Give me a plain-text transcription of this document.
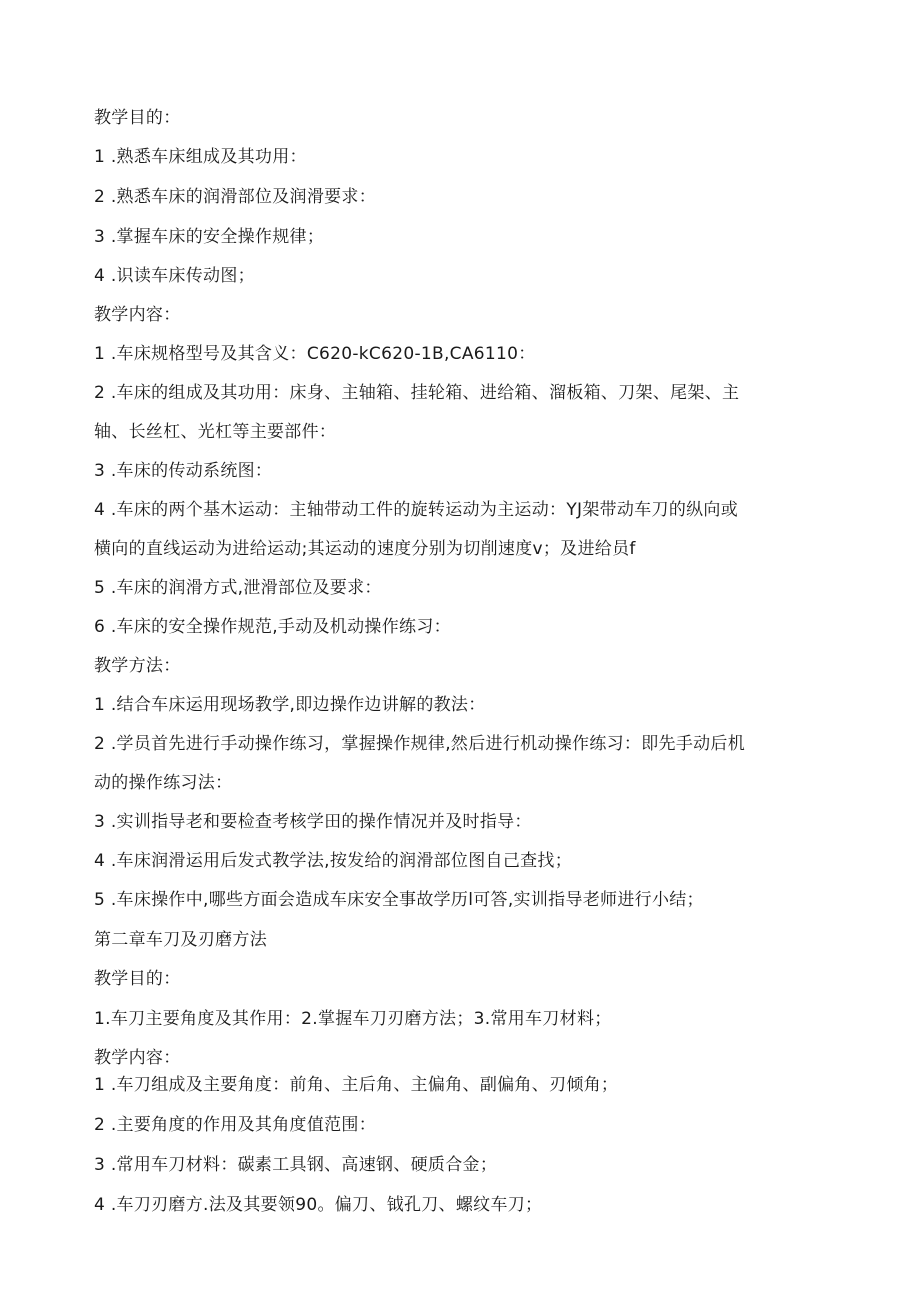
教学目的：
1 .熟悉车床组成及其功用：
2 .熟悉车床的润滑部位及润滑要求：
3 .掌握车床的安全操作规律；
4 .识读车床传动图；
教学内容：
1 .车床规格型号及其含义：C620-kC620-1B,CA6110：
2 .车床的组成及其功用：床身、主轴箱、挂轮箱、进给箱、溜板箱、刀架、尾架、主
轴、长丝杠、光杠等主要部件：
3 .车床的传动系统图：
4 .车床的两个基木运动：主轴带动工件的旋转运动为主运动：YJ架带动车刀的纵向或
横向的直线运动为进给运动;其运动的速度分别为切削速度v；及进给员f
5 .车床的润滑方式,泄滑部位及要求：
6 .车床的安全操作规范,手动及机动操作练习：
教学方法：
1 .结合车床运用现场教学,即边操作边讲解的教法：
2 .学员首先进行手动操作练习，掌握操作规律,然后进行机动操作练习：即先手动后机
动的操作练习法：
3 .实训指导老和要检查考核学田的操作情况并及时指导：
4 .车床润滑运用后发式教学法,按发给的润滑部位图自己查找；
5 .车床操作中,哪些方面会造成车床安全事故学历l可答,实训指导老师进行小结；
第二章车刀及刃磨方法
教学目的：
1.车刀主要角度及其作用：2.掌握车刀刃磨方法；3.常用车刀材料；
教学内容：
1 .车刀组成及主要角度：前角、主后角、主偏角、副偏角、刃倾角；
2 .主要角度的作用及其角度值范围：
3 .常用车刀材料：碳素工具钢、高速钢、硬质合金；
4 .车刀刃磨方.法及其要领90。偏刀、钺孔刀、螺纹车刀；
